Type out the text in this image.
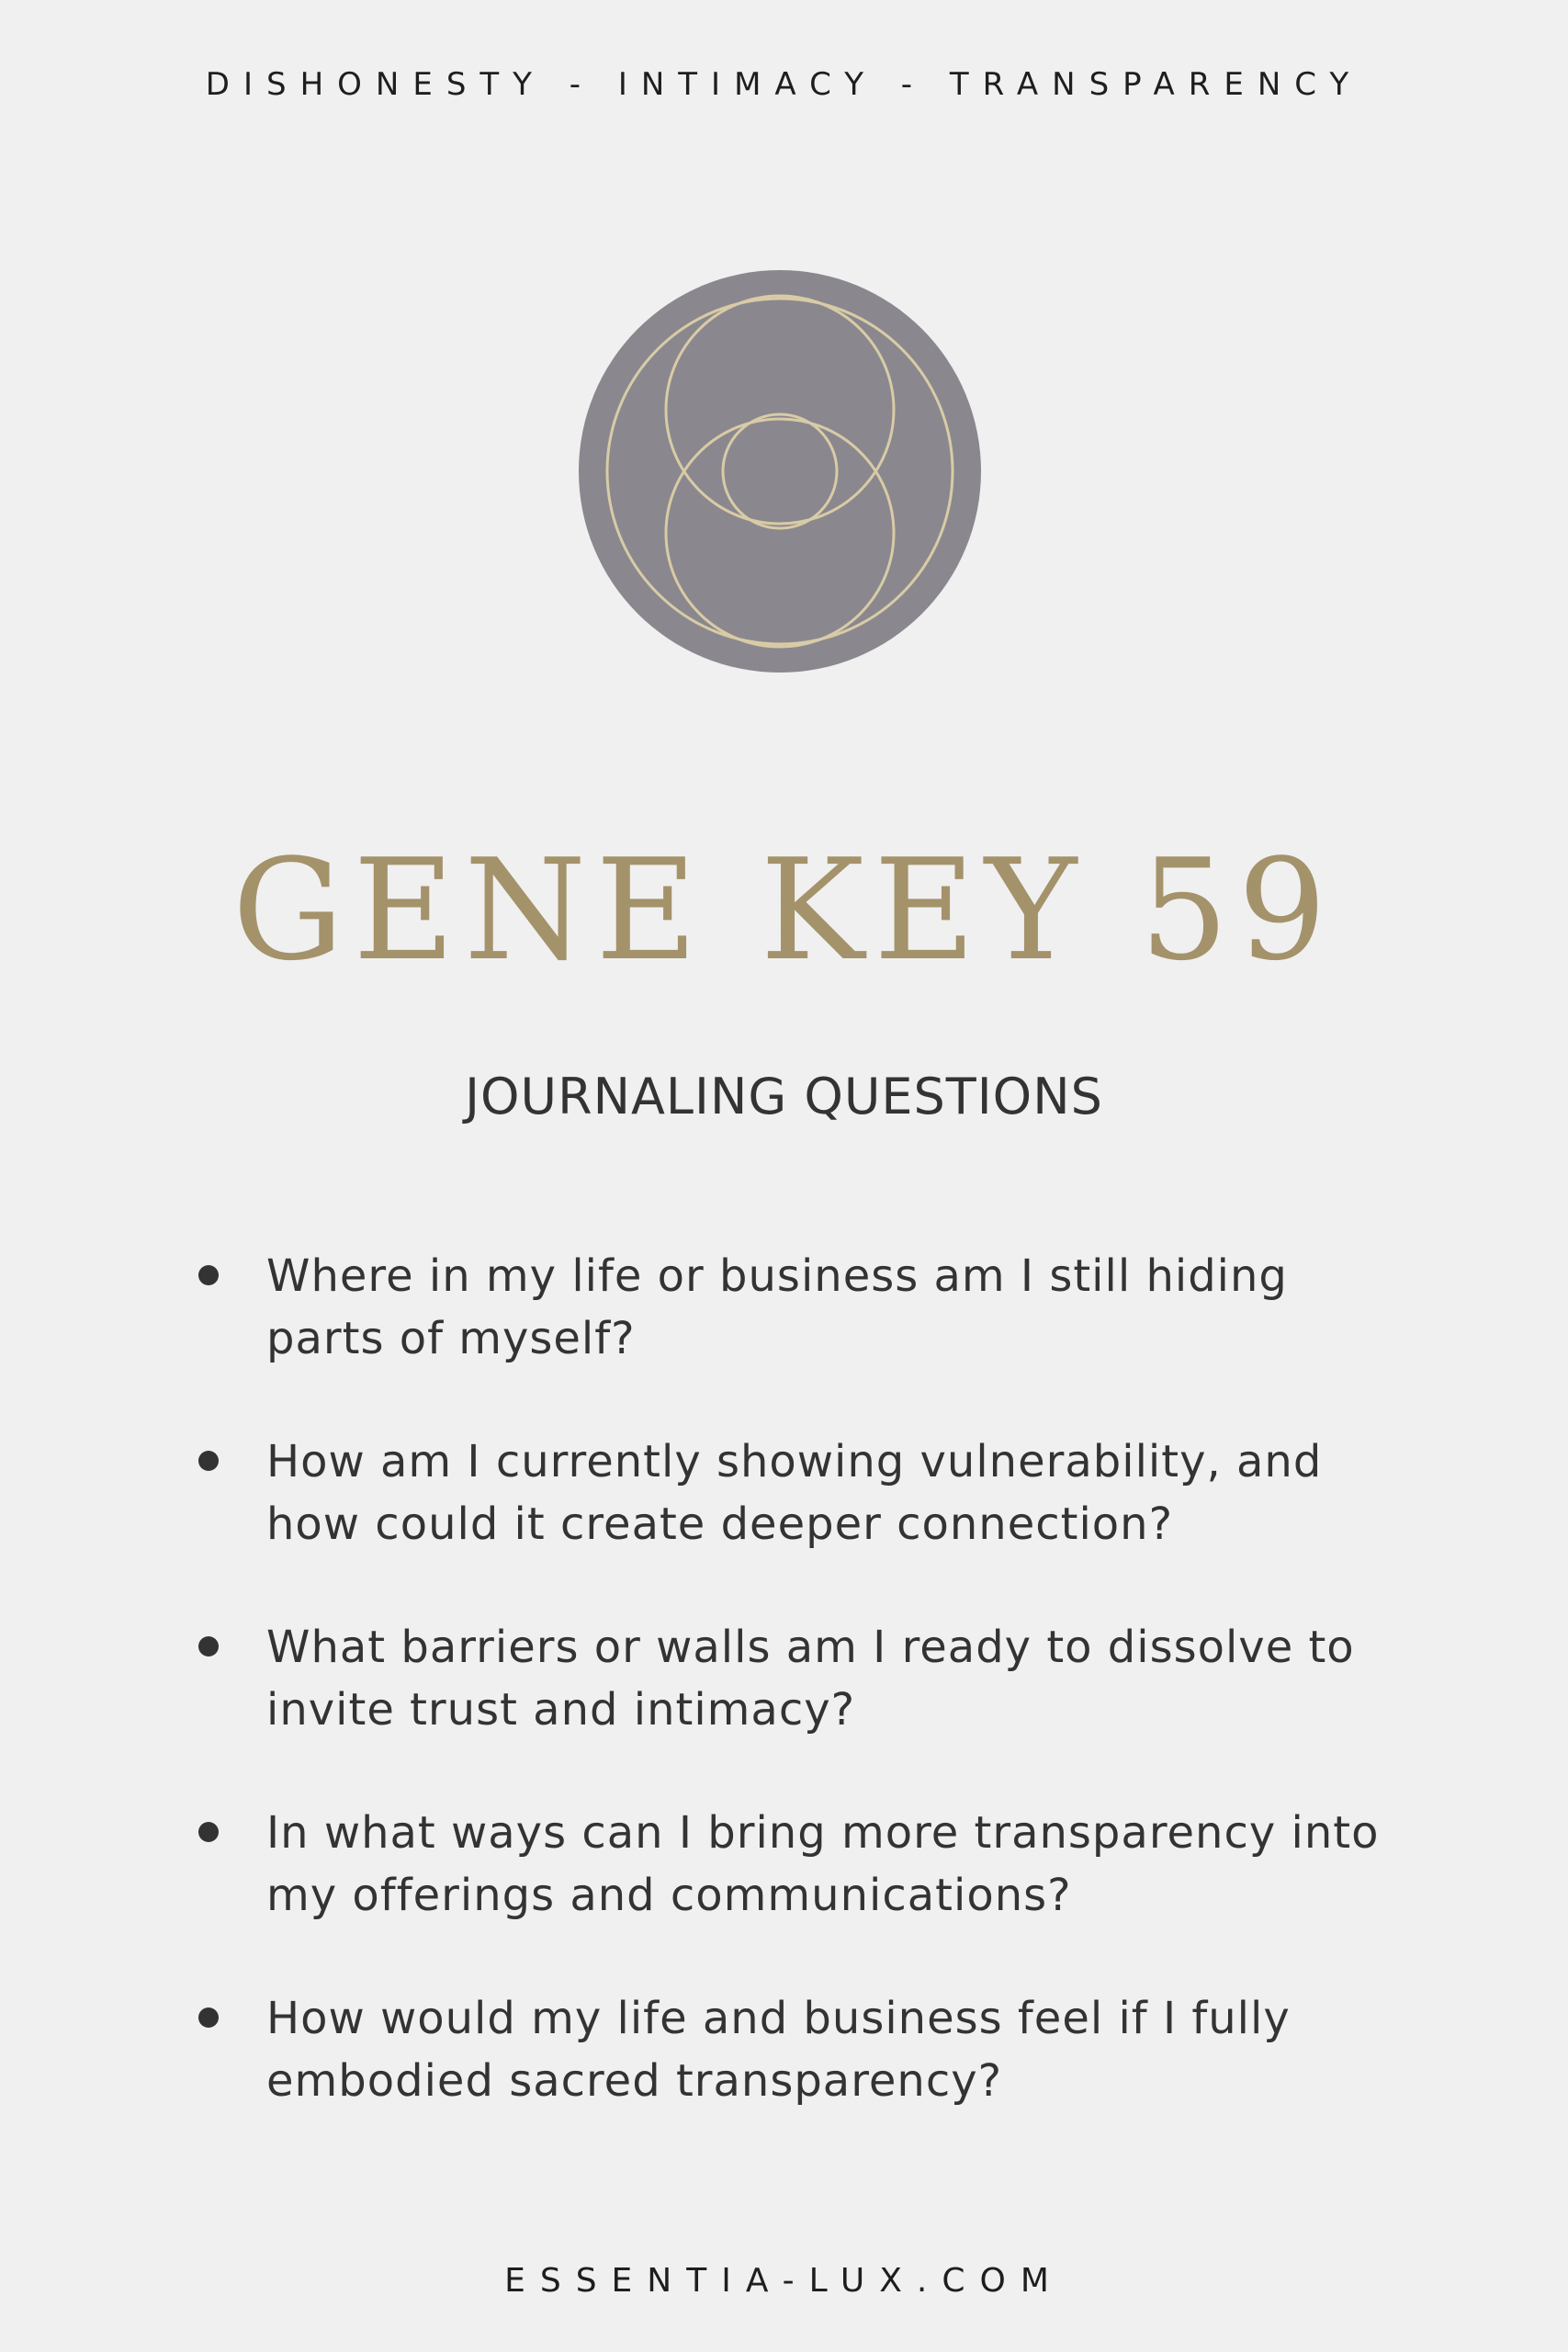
DISHONESTY - INTIMACY - TRANSPARENCY
GENE KEY 59
JOURNALING QUESTIONS
Where in my life or business am I still hiding parts of myself?
How am I currently showing vulnerability, and how could it create deeper connection?
What barriers or walls am I ready to dissolve to invite trust and intimacy?
In what ways can I bring more transparency into my offerings and communications?
How would my life and business feel if I fully embodied sacred transparency?
ESSENTIA-LUX.COM
